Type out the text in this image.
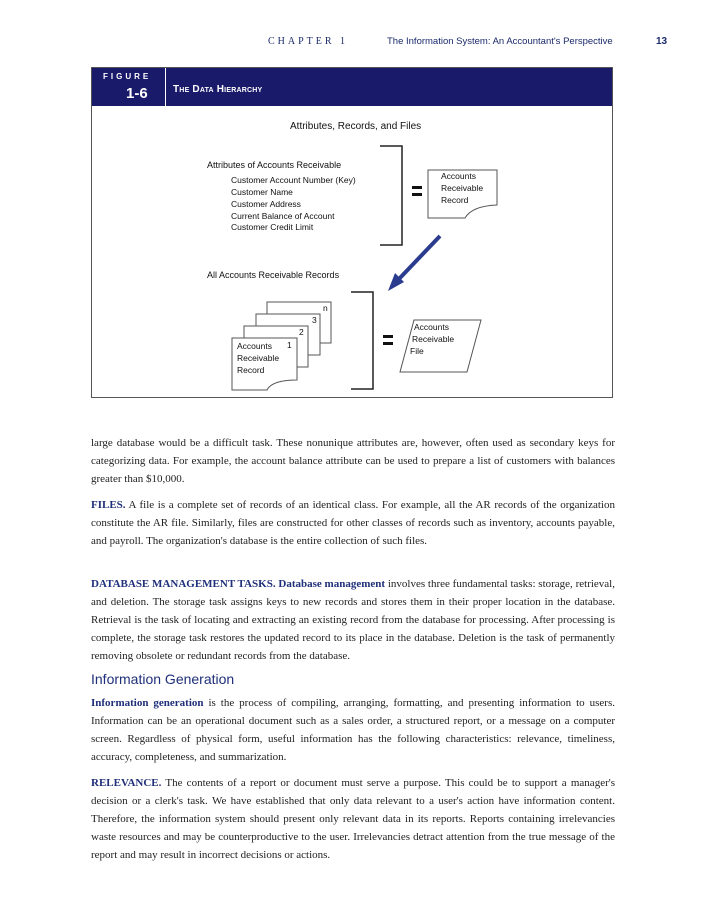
CHAPTER 1	The Information System: An Accountant's Perspective	13
FIGURE
1-6	The Data Hierarchy
Attributes, Records, and Files
Attributes of Accounts Receivable
Customer Account Number (Key)
Customer Name
Customer Address
Current Balance of Account
Customer Credit Limit
Accounts
Receivable
Record
All Accounts Receivable Records
n
3
2
1
Accounts
Receivable
Record
Accounts
Receivable
File

large database would be a difficult task. These nonunique attributes are, however, often used as secondary keys for categorizing data. For example, the account balance attribute can be used to prepare a list of customers with balances greater than $10,000.

FILES. A file is a complete set of records of an identical class. For example, all the AR records of the organization constitute the AR file. Similarly, files are constructed for other classes of records such as inventory, accounts payable, and payroll. The organization's database is the entire collection of such files.

DATABASE MANAGEMENT TASKS. Database management involves three fundamental tasks: storage, retrieval, and deletion. The storage task assigns keys to new records and stores them in their proper location in the database. Retrieval is the task of locating and extracting an existing record from the database for processing. After processing is complete, the storage task restores the updated record to its place in the database. Deletion is the task of permanently removing obsolete or redundant records from the database.

Information Generation

Information generation is the process of compiling, arranging, formatting, and presenting information to users. Information can be an operational document such as a sales order, a structured report, or a message on a computer screen. Regardless of physical form, useful information has the following characteristics: relevance, timeliness, accuracy, completeness, and summarization.

RELEVANCE. The contents of a report or document must serve a purpose. This could be to support a manager's decision or a clerk's task. We have established that only data relevant to a user's action have information content. Therefore, the information system should present only relevant data in its reports. Reports containing irrelevancies waste resources and may be counterproductive to the user. Irrelevancies detract attention from the true message of the report and may result in incorrect decisions or actions.
